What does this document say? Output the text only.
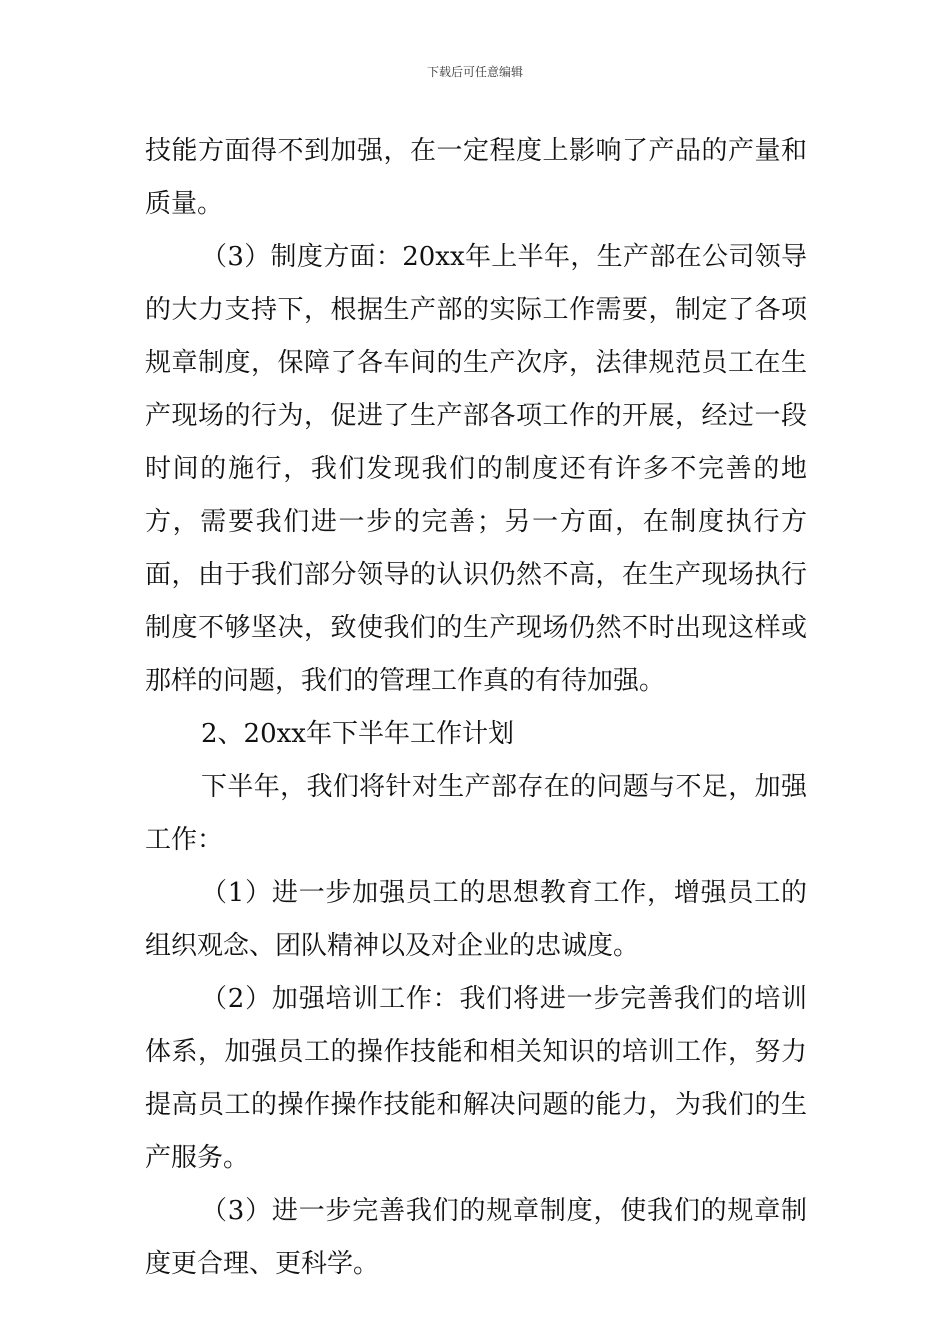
下载后可任意编辑

技能方面得不到加强，在一定程度上影响了产品的产量和质量。

（3）制度方面：20xx年上半年，生产部在公司领导的大力支持下，根据生产部的实际工作需要，制定了各项规章制度，保障了各车间的生产次序，法律规范员工在生产现场的行为，促进了生产部各项工作的开展，经过一段时间的施行，我们发现我们的制度还有许多不完善的地方，需要我们进一步的完善；另一方面，在制度执行方面，由于我们部分领导的认识仍然不高，在生产现场执行制度不够坚决，致使我们的生产现场仍然不时出现这样或那样的问题，我们的管理工作真的有待加强。

2、20xx年下半年工作计划

下半年，我们将针对生产部存在的问题与不足，加强工作：

（1）进一步加强员工的思想教育工作，增强员工的组织观念、团队精神以及对企业的忠诚度。

（2）加强培训工作：我们将进一步完善我们的培训体系，加强员工的操作技能和相关知识的培训工作，努力提高员工的操作操作技能和解决问题的能力，为我们的生产服务。

（3）进一步完善我们的规章制度，使我们的规章制度更合理、更科学。
